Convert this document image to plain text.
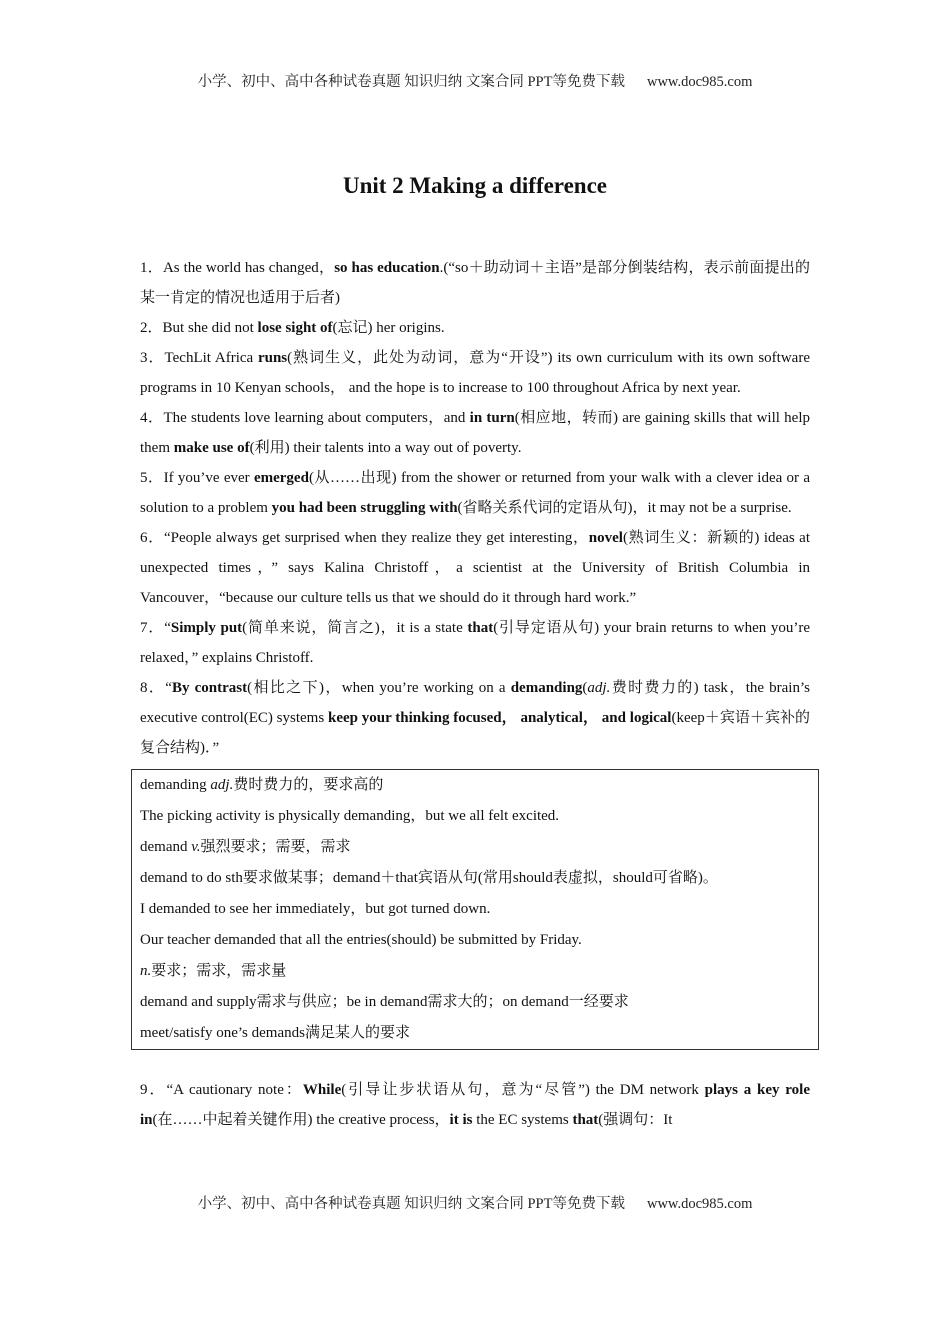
小学、初中、高中各种试卷真题 知识归纳 文案合同 PPT等免费下载 www.doc985.com
Unit 2 Making a difference

1．As the world has changed，so has education.(“so＋助动词＋主语”是部分倒装结构，表示前面提出的某一肯定的情况也适用于后者)

2．But she did not lose sight of(忘记) her origins.

3．TechLit Africa runs(熟词生义，此处为动词，意为“开设”) its own curriculum with its own software programs in 10 Kenyan schools， and the hope is to increase to 100 throughout Africa by next year.

4．The students love learning about computers，and in turn(相应地，转而) are gaining skills that will help them make use of(利用) their talents into a way out of poverty.

5．If you’ve ever emerged(从……出现) from the shower or returned from your walk with a clever idea or a solution to a problem you had been struggling with(省略关系代词的定语从句)，it may not be a surprise.

6．“People always get surprised when they realize they get interesting，novel(熟词生义：新颖的) ideas at unexpected times，” says Kalina Christoff，a scientist at the University of British Columbia in Vancouver，“because our culture tells us that we should do it through hard work.”

7．“Simply put(简单来说，简言之)，it is a state that(引导定语从句) your brain returns to when you’re relaxed，” explains Christoff.

8．“By contrast(相比之下)，when you’re working on a demanding(adj.费时费力的) task，the brain’s executive control(EC) systems keep your thinking focused， analytical， and logical(keep＋宾语＋宾补的复合结构)．”

demanding adj.费时费力的，要求高的
The picking activity is physically demanding，but we all felt excited.
demand v.强烈要求；需要，需求
demand to do sth要求做某事；demand＋that宾语从句(常用should表虚拟，should可省略)。
I demanded to see her immediately，but got turned down.
Our teacher demanded that all the entries(should) be submitted by Friday.
n.要求；需求，需求量
demand and supply需求与供应；be in demand需求大的；on demand一经要求
meet/satisfy one’s demands满足某人的要求

9．“A cautionary note：While(引导让步状语从句，意为“尽管”) the DM network plays a key role in(在……中起着关键作用) the creative process，it is the EC systems that(强调句：It

小学、初中、高中各种试卷真题 知识归纳 文案合同 PPT等免费下载 www.doc985.com
